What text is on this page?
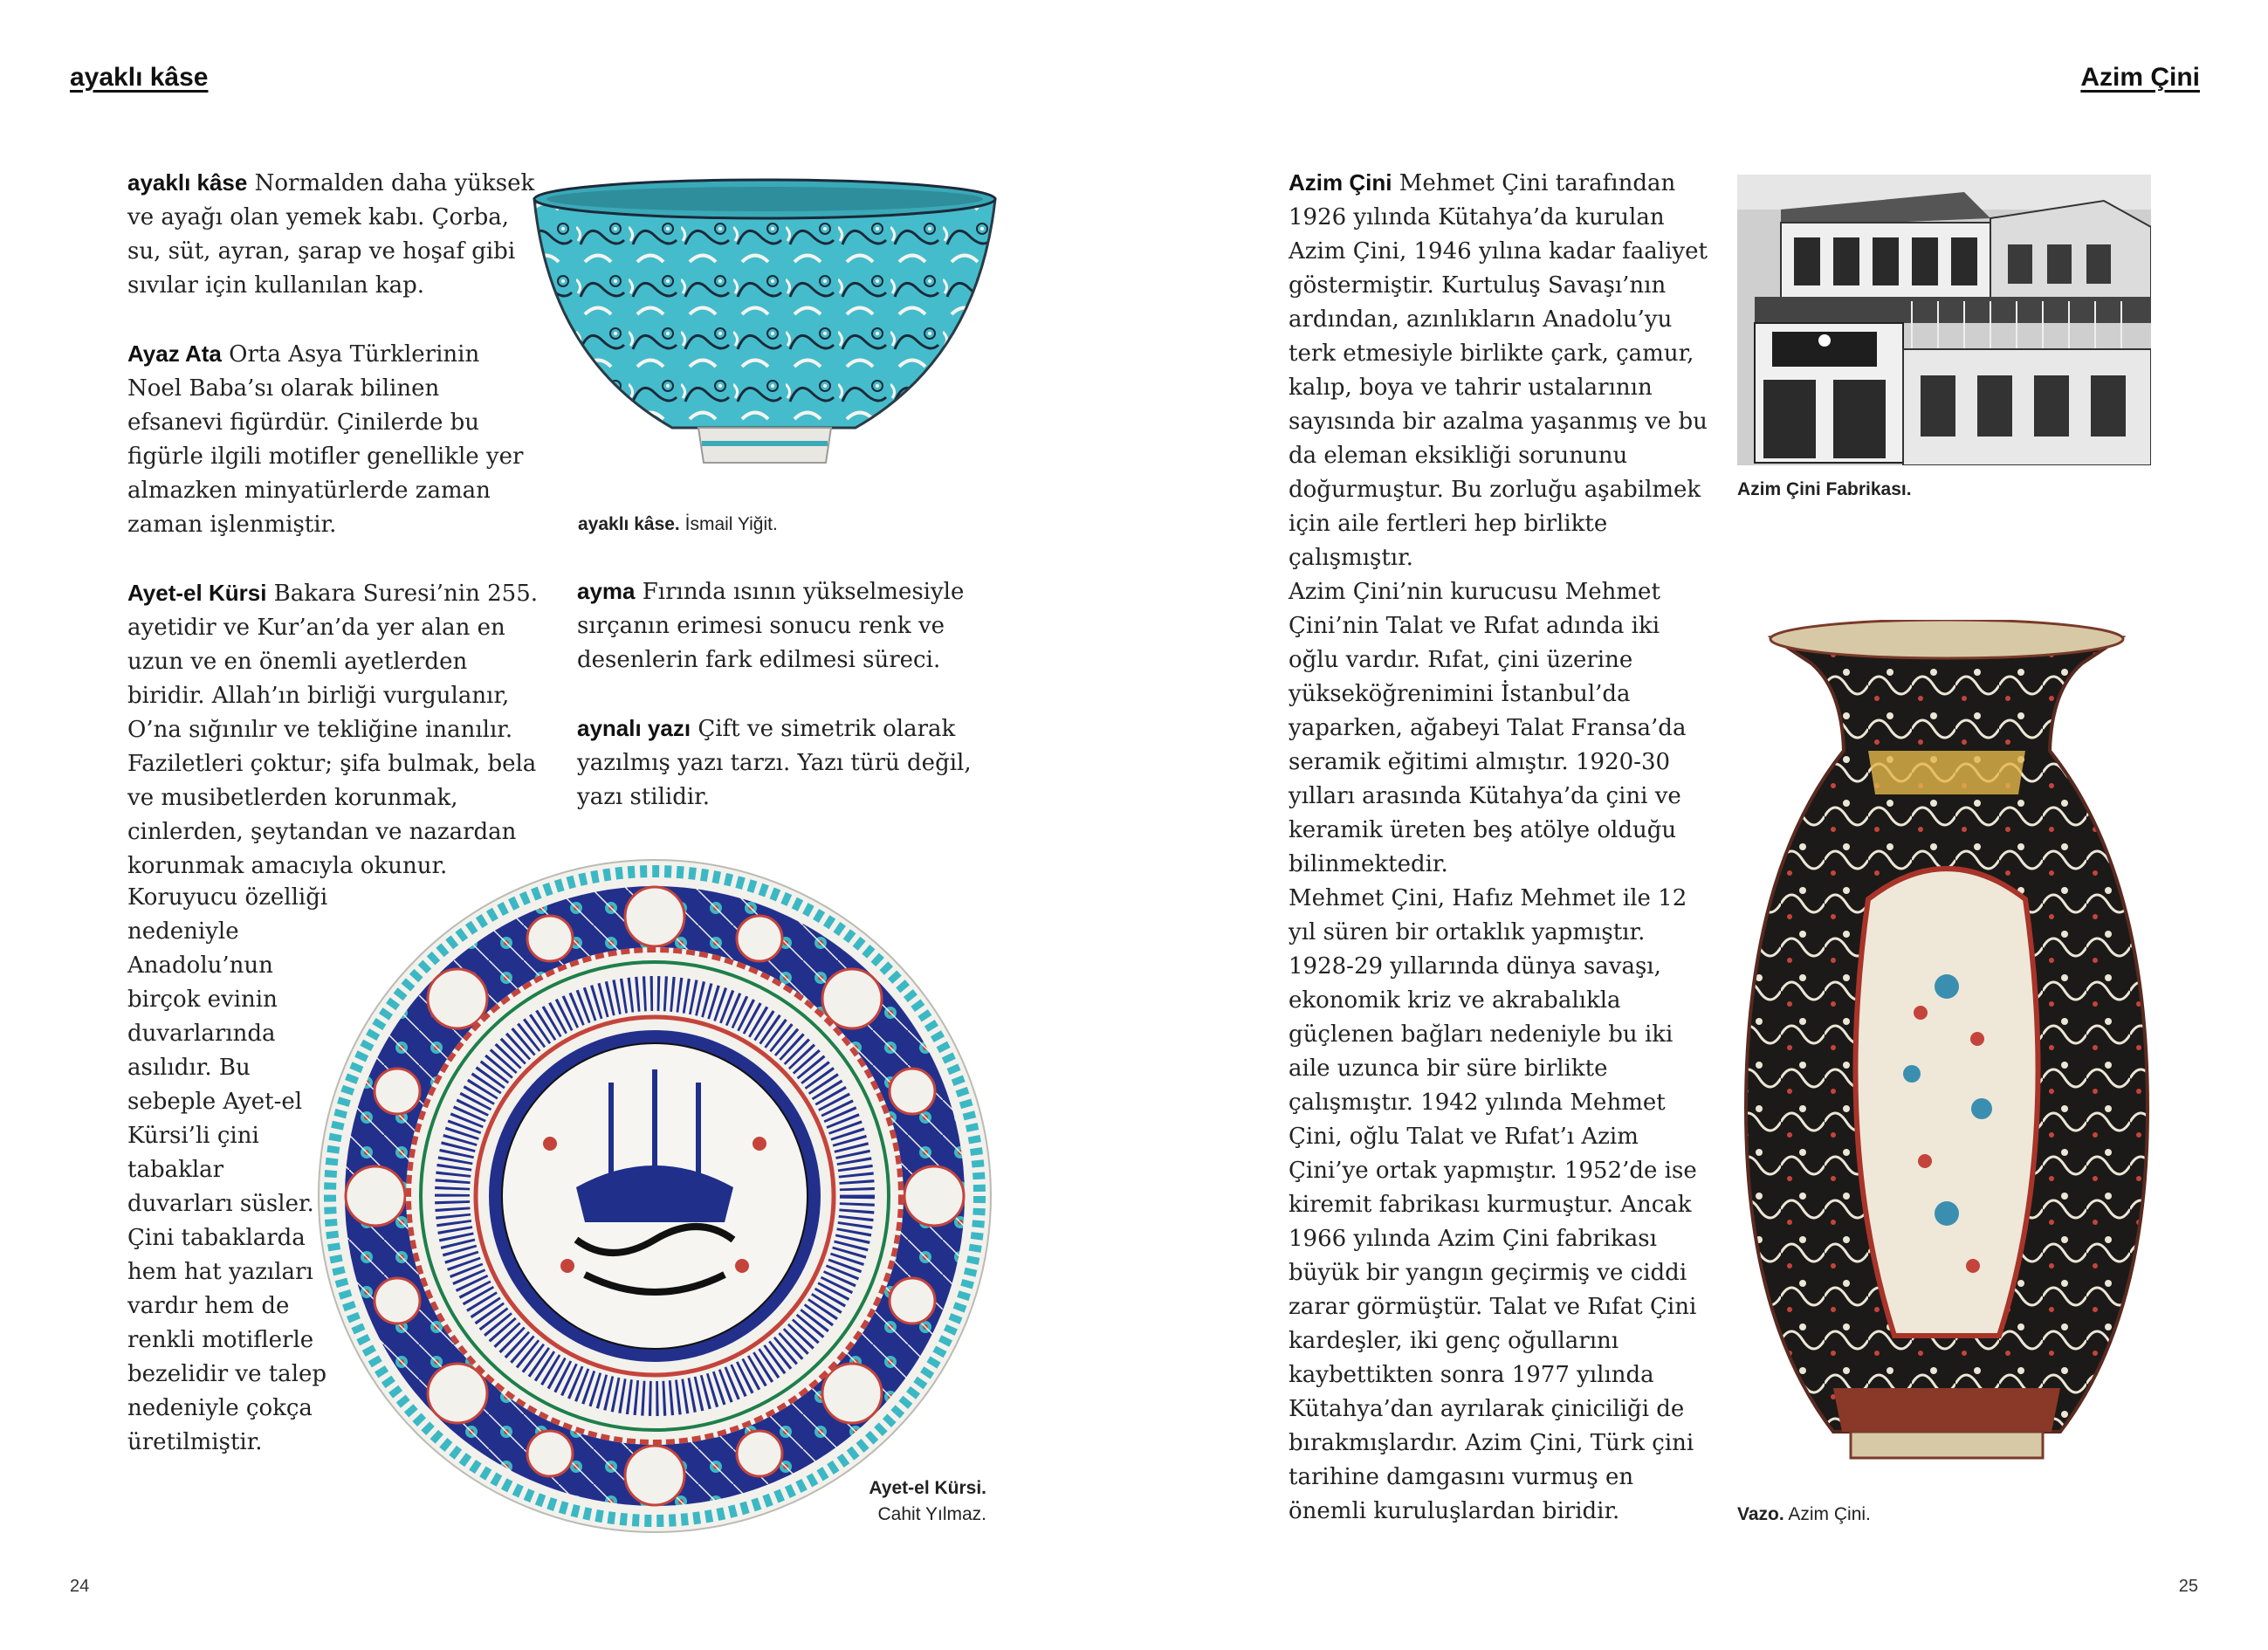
ayaklı kâse

ayaklı kâse Normalden daha yüksek ve ayağı olan yemek kabı. Çorba, su, süt, ayran, şarap ve hoşaf gibi sıvılar için kullanılan kap.

Ayaz Ata Orta Asya Türklerinin Noel Baba’sı olarak bilinen efsanevi figürdür. Çinilerde bu figürle ilgili motifler genellikle yer almazken minyatürlerde zaman zaman işlenmiştir.

Ayet-el Kürsi Bakara Suresi’nin 255. ayetidir ve Kur’an’da yer alan en uzun ve en önemli ayetlerden biridir. Allah’ın birliği vurgulanır, O’na sığınılır ve tekliğine inanılır. Faziletleri çoktur; şifa bulmak, bela ve musibetlerden korunmak, cinlerden, şeytandan ve nazardan korunmak amacıyla okunur.

Koruyucu özelliği nedeniyle Anadolu’nun birçok evinin duvarlarında asılıdır. Bu sebeple Ayet-el Kürsi’li çini tabaklar duvarları süsler. Çini tabaklarda hem hat yazıları vardır hem de renkli motiflerle bezelidir ve talep nedeniyle çokça üretilmiştir.

ayaklı kâse. İsmail Yiğit.

ayma Fırında ısının yükselmesiyle sırçanın erimesi sonucu renk ve desenlerin fark edilmesi süreci.

aynalı yazı Çift ve simetrik olarak yazılmış yazı tarzı. Yazı türü değil, yazı stilidir.

Ayet-el Kürsi.
Cahit Yılmaz.
24
Azim Çini

Azim Çini Mehmet Çini tarafından 1926 yılında Kütahya’da kurulan Azim Çini, 1946 yılına kadar faaliyet göstermiştir. Kurtuluş Savaşı’nın ardından, azınlıkların Anadolu’yu terk etmesiyle birlikte çark, çamur, kalıp, boya ve tahrir ustalarının sayısında bir azalma yaşanmış ve bu da eleman eksikliği sorununu doğurmuştur. Bu zorluğu aşabilmek için aile fertleri hep birlikte çalışmıştır.

Azim Çini’nin kurucusu Mehmet Çini’nin Talat ve Rıfat adında iki oğlu vardır. Rıfat, çini üzerine yükseköğrenimini İstanbul’da yaparken, ağabeyi Talat Fransa’da seramik eğitimi almıştır. 1920-30 yılları arasında Kütahya’da çini ve keramik üreten beş atölye olduğu bilinmektedir.

Mehmet Çini, Hafız Mehmet ile 12 yıl süren bir ortaklık yapmıştır. 1928-29 yıllarında dünya savaşı, ekonomik kriz ve akrabalıkla güçlenen bağları nedeniyle bu iki aile uzunca bir süre birlikte çalışmıştır. 1942 yılında Mehmet Çini, oğlu Talat ve Rıfat’ı Azim Çini’ye ortak yapmıştır. 1952’de ise kiremit fabrikası kurmuştur. Ancak 1966 yılında Azim Çini fabrikası büyük bir yangın geçirmiş ve ciddi zarar görmüştür. Talat ve Rıfat Çini kardeşler, iki genç oğullarını kaybettikten sonra 1977 yılında Kütahya’dan ayrılarak çiniciliği de bırakmışlardır. Azim Çini, Türk çini tarihine damgasını vurmuş en önemli kuruluşlardan biridir.

Azim Çini Fabrikası.
Vazo. Azim Çini.
25
